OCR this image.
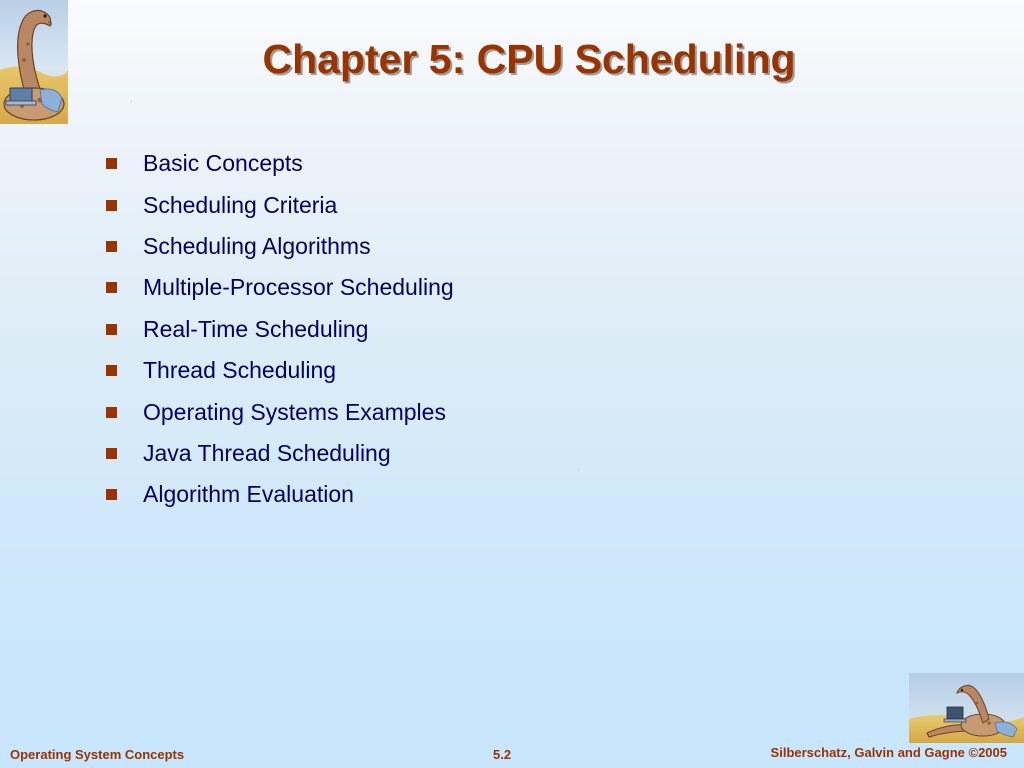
Chapter 5: CPU Scheduling
Basic Concepts
Scheduling Criteria
Scheduling Algorithms
Multiple-Processor Scheduling
Real-Time Scheduling
Thread Scheduling
Operating Systems Examples
Java Thread Scheduling
Algorithm Evaluation
Operating System Concepts	5.2	Silberschatz, Galvin and Gagne ©2005
